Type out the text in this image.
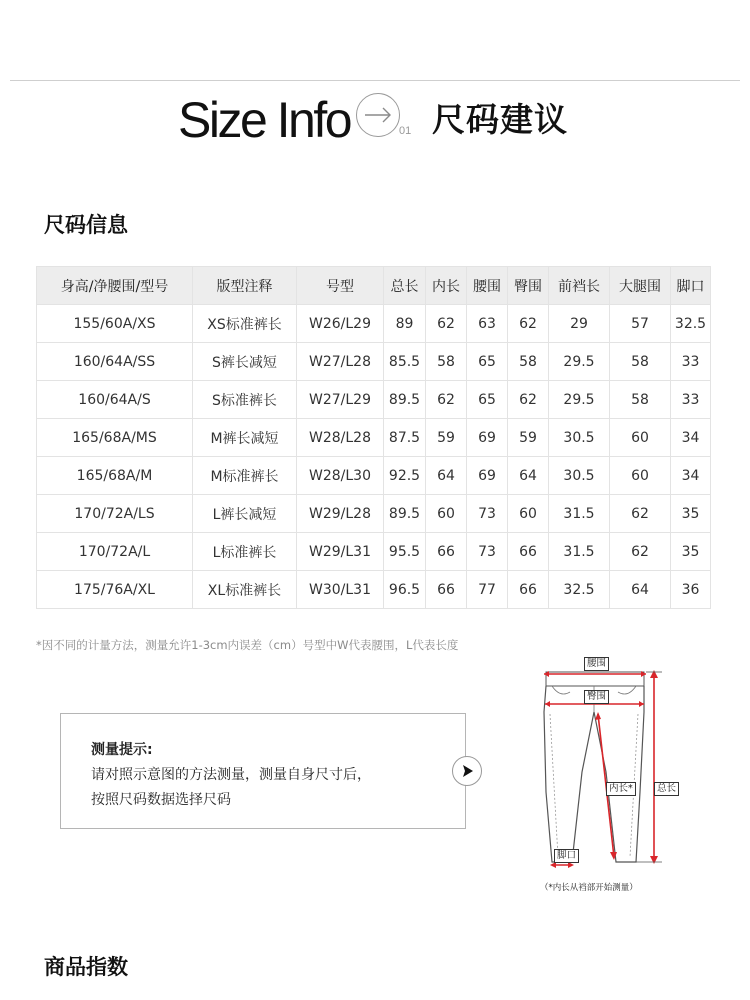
Size Info	01 尺码建议
尺码信息
身高/净腰围/型号	版型注释	号型	总长	内长	腰围	臀围	前裆长	大腿围	脚口
155/60A/XS	XS标准裤长	W26/L29	89	62	63	62	29	57	32.5
160/64A/SS	S裤长减短	W27/L28	85.5	58	65	58	29.5	58	33
160/64A/S	S标准裤长	W27/L29	89.5	62	65	62	29.5	58	33
165/68A/MS	M裤长减短	W28/L28	87.5	59	69	59	30.5	60	34
165/68A/M	M标准裤长	W28/L30	92.5	64	69	64	30.5	60	34
170/72A/LS	L裤长减短	W29/L28	89.5	60	73	60	31.5	62	35
170/72A/L	L标准裤长	W29/L31	95.5	66	73	66	31.5	62	35
175/76A/XL	XL标准裤长	W30/L31	96.5	66	77	66	32.5	64	36
*因不同的计量方法，测量允许1-3cm内误差（cm）号型中W代表腰围，L代表长度
测量提示:
请对照示意图的方法测量，测量自身尺寸后，
按照尺码数据选择尺码
腰围
臀围
内长*	总长
脚口
（*内长从裆部开始测量）
商品指数
